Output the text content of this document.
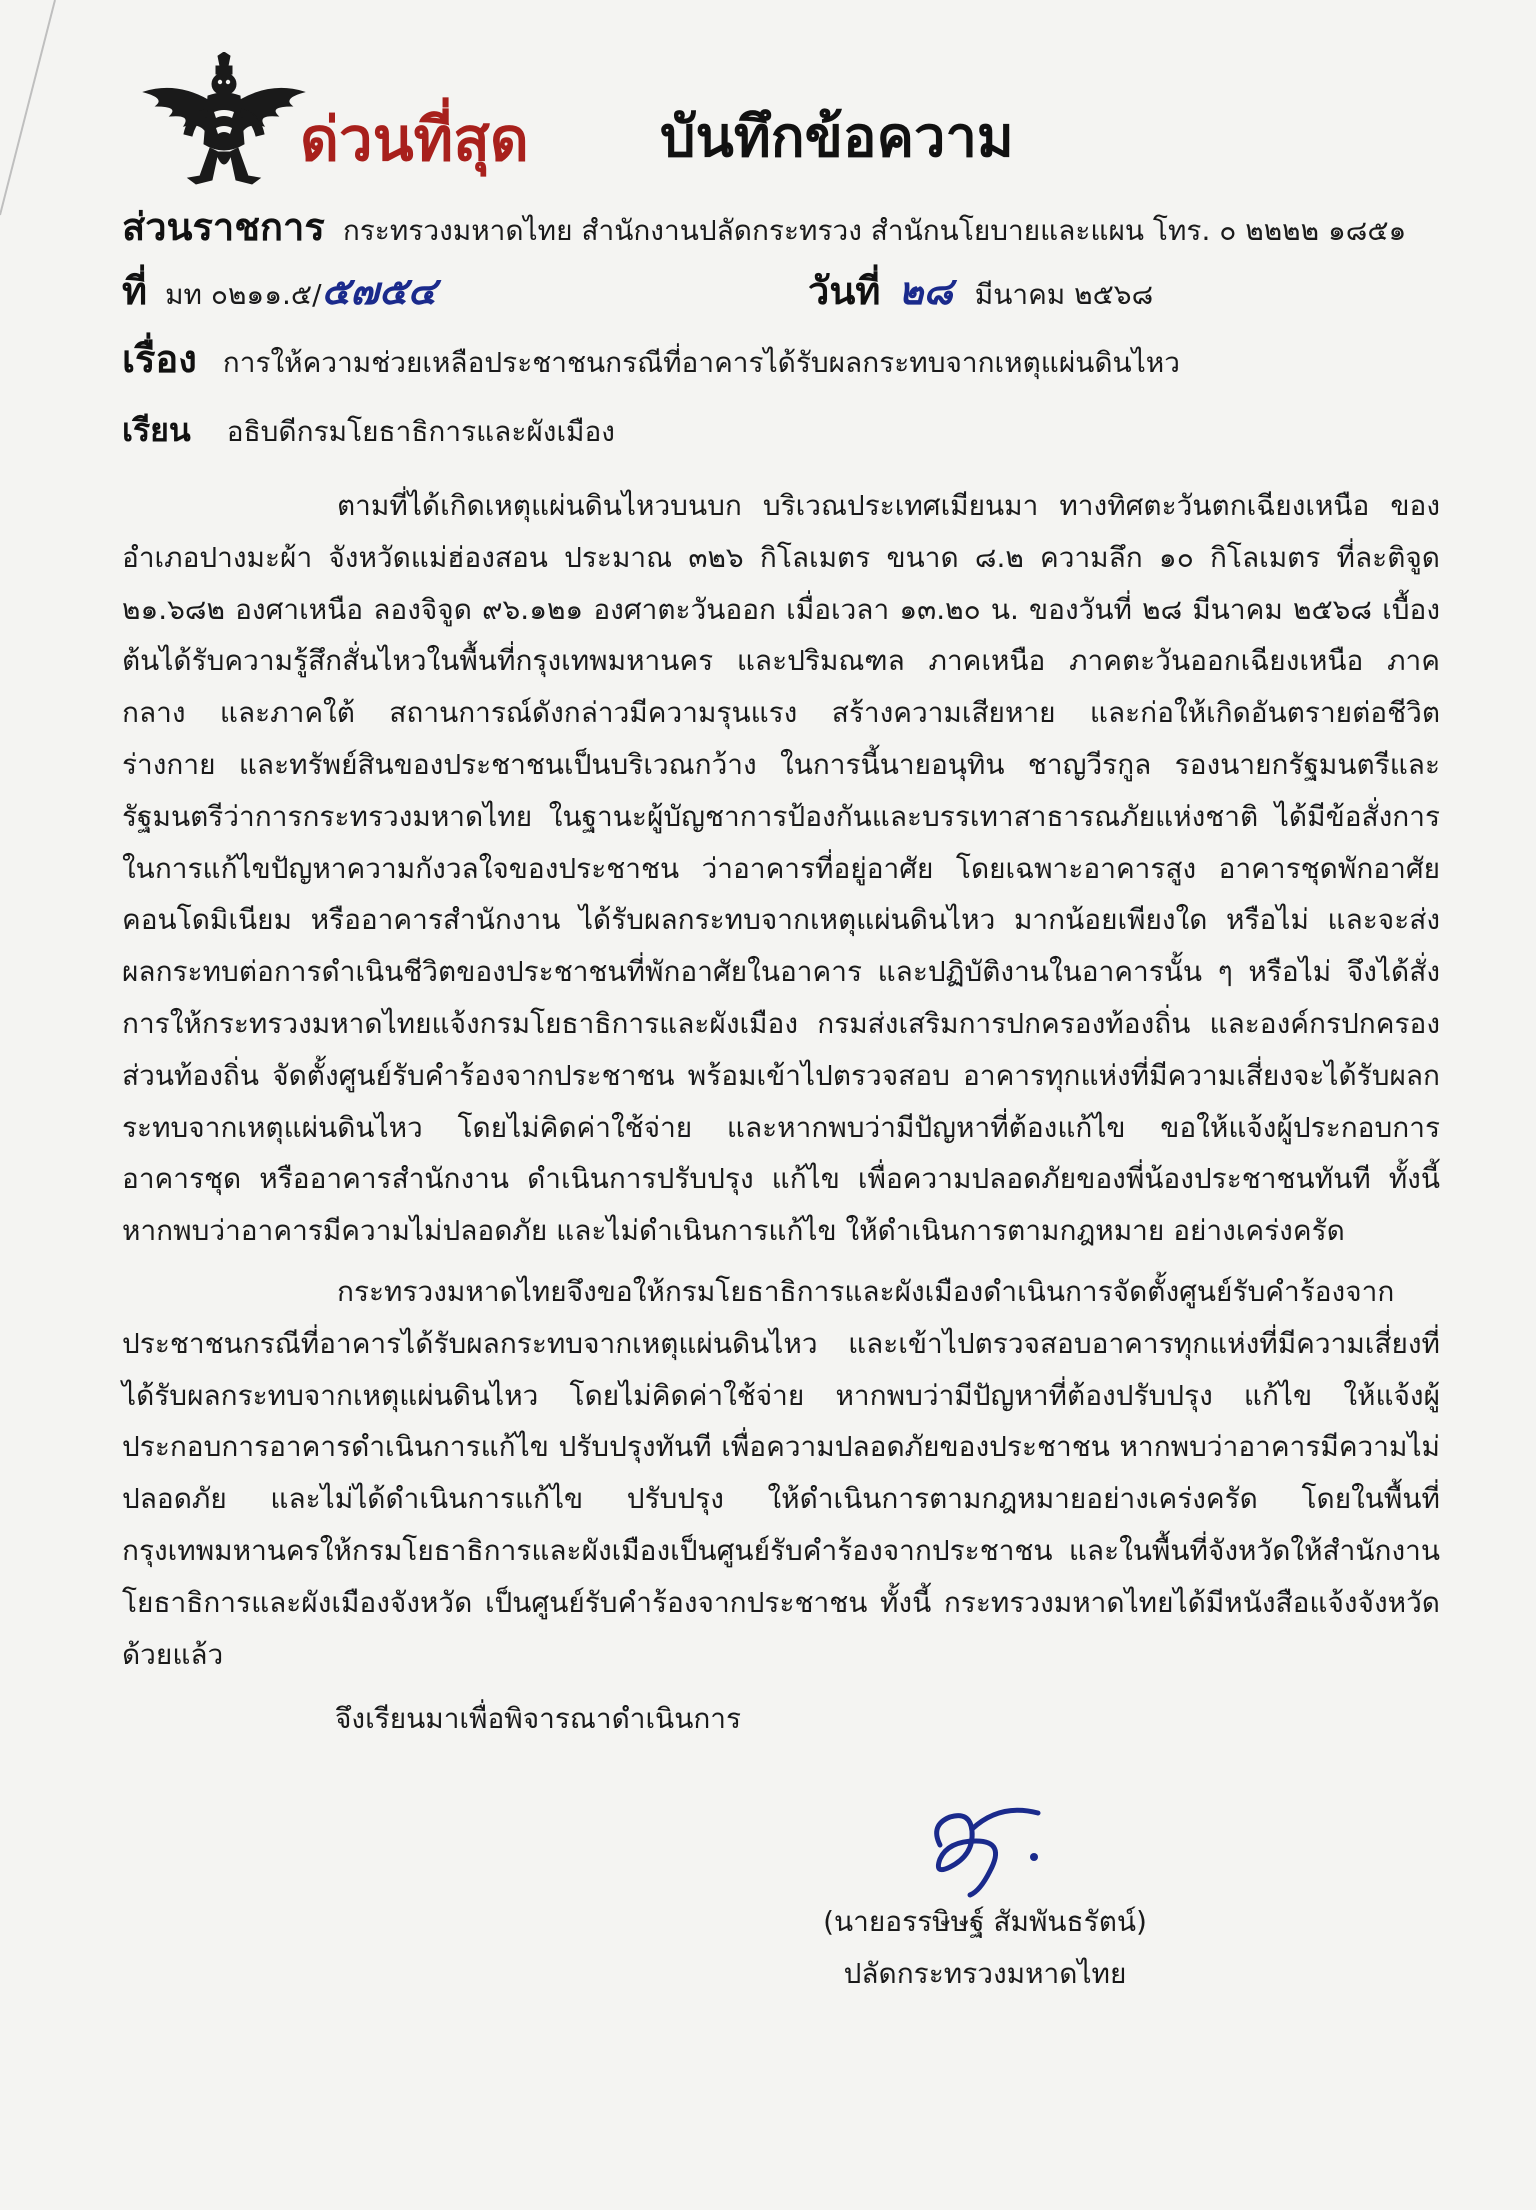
ด่วนที่สุด บันทึกข้อความ
ส่วนราชการ กระทรวงมหาดไทย สำนักงานปลัดกระทรวง สำนักนโยบายและแผน โทร. ๐ ๒๒๒๒ ๑๘๕๑
ที่ มท ๐๒๑๑.๕/๕๗๕๔	วันที่ ๒๘ มีนาคม ๒๕๖๘
เรื่อง การให้ความช่วยเหลือประชาชนกรณีที่อาคารได้รับผลกระทบจากเหตุแผ่นดินไหว
เรียน อธิบดีกรมโยธาธิการและผังเมือง

ตามที่ได้เกิดเหตุแผ่นดินไหวบนบก บริเวณประเทศเมียนมา ทางทิศตะวันตกเฉียงเหนือ ของ อำเภอปางมะผ้า จังหวัดแม่ฮ่องสอน ประมาณ ๓๒๖ กิโลเมตร ขนาด ๘.๒ ความลึก ๑๐ กิโลเมตร ที่ละติจูด ๒๑.๖๘๒ องศาเหนือ ลองจิจูด ๙๖.๑๒๑ องศาตะวันออก เมื่อเวลา ๑๓.๒๐ น. ของวันที่ ๒๘ มีนาคม ๒๕๖๘ เบื้องต้นได้รับความรู้สึกสั่นไหวในพื้นที่กรุงเทพมหานคร และปริมณฑล ภาคเหนือ ภาคตะวันออกเฉียงเหนือ ภาคกลาง และภาคใต้ สถานการณ์ดังกล่าวมีความรุนแรง สร้างความเสียหาย และก่อให้เกิดอันตรายต่อชีวิต ร่างกาย และทรัพย์สินของประชาชนเป็นบริเวณกว้าง ในการนี้นายอนุทิน ชาญวีรกูล รองนายกรัฐมนตรีและรัฐมนตรีว่าการกระทรวงมหาดไทย ในฐานะผู้บัญชาการป้องกันและบรรเทาสาธารณภัยแห่งชาติ ได้มีข้อสั่งการในการแก้ไขปัญหาความกังวลใจของประชาชน ว่าอาคารที่อยู่อาศัย โดยเฉพาะอาคารสูง อาคารชุดพักอาศัย คอนโดมิเนียม หรืออาคารสำนักงาน ได้รับผลกระทบจากเหตุแผ่นดินไหว มากน้อยเพียงใด หรือไม่ และจะส่งผลกระทบต่อการดำเนินชีวิตของประชาชนที่พักอาศัยในอาคาร และปฏิบัติงานในอาคารนั้น ๆ หรือไม่ จึงได้สั่งการให้กระทรวงมหาดไทยแจ้งกรมโยธาธิการและผังเมือง กรมส่งเสริมการปกครองท้องถิ่น และองค์กรปกครองส่วนท้องถิ่น จัดตั้งศูนย์รับคำร้องจากประชาชน พร้อมเข้าไปตรวจสอบ อาคารทุกแห่งที่มีความเสี่ยงจะได้รับผลกระทบจากเหตุแผ่นดินไหว โดยไม่คิดค่าใช้จ่าย และหากพบว่ามีปัญหาที่ต้องแก้ไข ขอให้แจ้งผู้ประกอบการอาคารชุด หรืออาคารสำนักงาน ดำเนินการปรับปรุง แก้ไข เพื่อความปลอดภัยของพี่น้องประชาชนทันที ทั้งนี้ หากพบว่าอาคารมีความไม่ปลอดภัย และไม่ดำเนินการแก้ไข ให้ดำเนินการตามกฎหมาย อย่างเคร่งครัด

กระทรวงมหาดไทยจึงขอให้กรมโยธาธิการและผังเมืองดำเนินการจัดตั้งศูนย์รับคำร้องจากประชาชนกรณีที่อาคารได้รับผลกระทบจากเหตุแผ่นดินไหว และเข้าไปตรวจสอบอาคารทุกแห่งที่มีความเสี่ยงที่ได้รับผลกระทบจากเหตุแผ่นดินไหว โดยไม่คิดค่าใช้จ่าย หากพบว่ามีปัญหาที่ต้องปรับปรุง แก้ไข ให้แจ้งผู้ประกอบการอาคารดำเนินการแก้ไข ปรับปรุงทันที เพื่อความปลอดภัยของประชาชน หากพบว่าอาคารมีความไม่ปลอดภัย และไม่ได้ดำเนินการแก้ไข ปรับปรุง ให้ดำเนินการตามกฎหมายอย่างเคร่งครัด โดยในพื้นที่กรุงเทพมหานครให้กรมโยธาธิการและผังเมืองเป็นศูนย์รับคำร้องจากประชาชน และในพื้นที่จังหวัดให้สำนักงานโยธาธิการและผังเมืองจังหวัด เป็นศูนย์รับคำร้องจากประชาชน ทั้งนี้ กระทรวงมหาดไทยได้มีหนังสือแจ้งจังหวัดด้วยแล้ว

จึงเรียนมาเพื่อพิจารณาดำเนินการ
(นายอรรษิษฐ์ สัมพันธรัตน์)
ปลัดกระทรวงมหาดไทย
